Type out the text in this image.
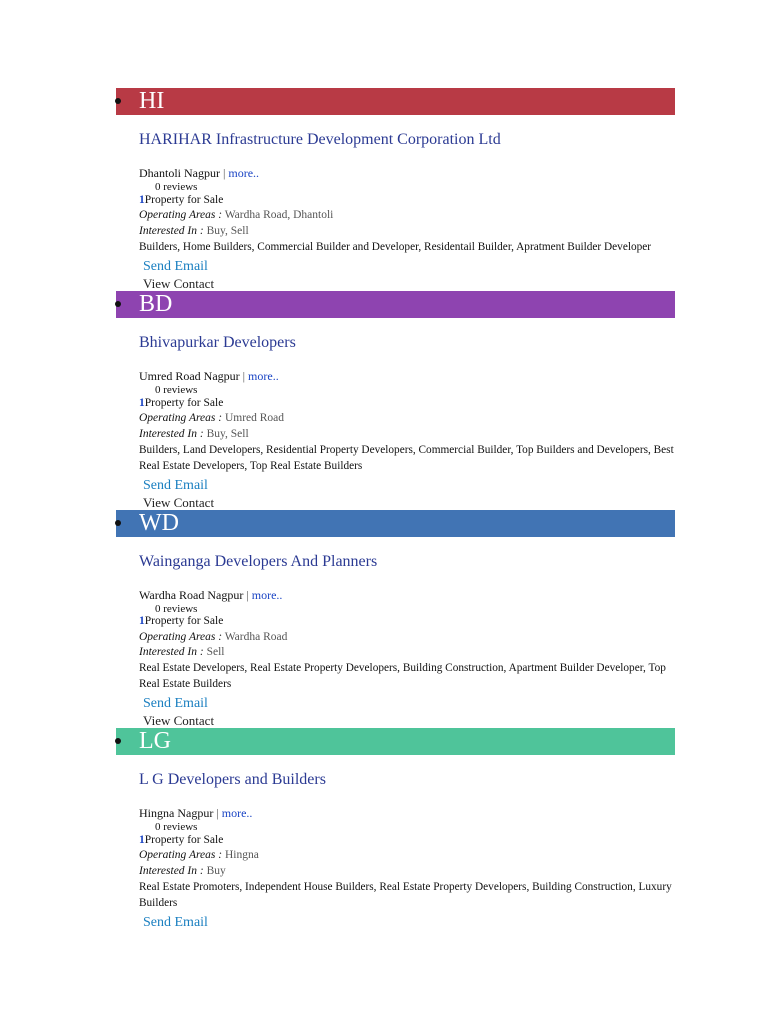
HI
HARIHAR Infrastructure Development Corporation Ltd
Dhantoli Nagpur | more..
0 reviews
1Property for Sale
Operating Areas : Wardha Road, Dhantoli
Interested In : Buy, Sell
Builders, Home Builders, Commercial Builder and Developer, Residentail Builder, Apratment Builder Developer
Send Email
View Contact
BD
Bhivapurkar Developers
Umred Road Nagpur | more..
0 reviews
1Property for Sale
Operating Areas : Umred Road
Interested In : Buy, Sell
Builders, Land Developers, Residential Property Developers, Commercial Builder, Top Builders and Developers, Best Real Estate Developers, Top Real Estate Builders
Send Email
View Contact
WD
Wainganga Developers And Planners
Wardha Road Nagpur | more..
0 reviews
1Property for Sale
Operating Areas : Wardha Road
Interested In : Sell
Real Estate Developers, Real Estate Property Developers, Building Construction, Apartment Builder Developer, Top Real Estate Builders
Send Email
View Contact
LG
L G Developers and Builders
Hingna Nagpur | more..
0 reviews
1Property for Sale
Operating Areas : Hingna
Interested In : Buy
Real Estate Promoters, Independent House Builders, Real Estate Property Developers, Building Construction, Luxury Builders
Send Email
